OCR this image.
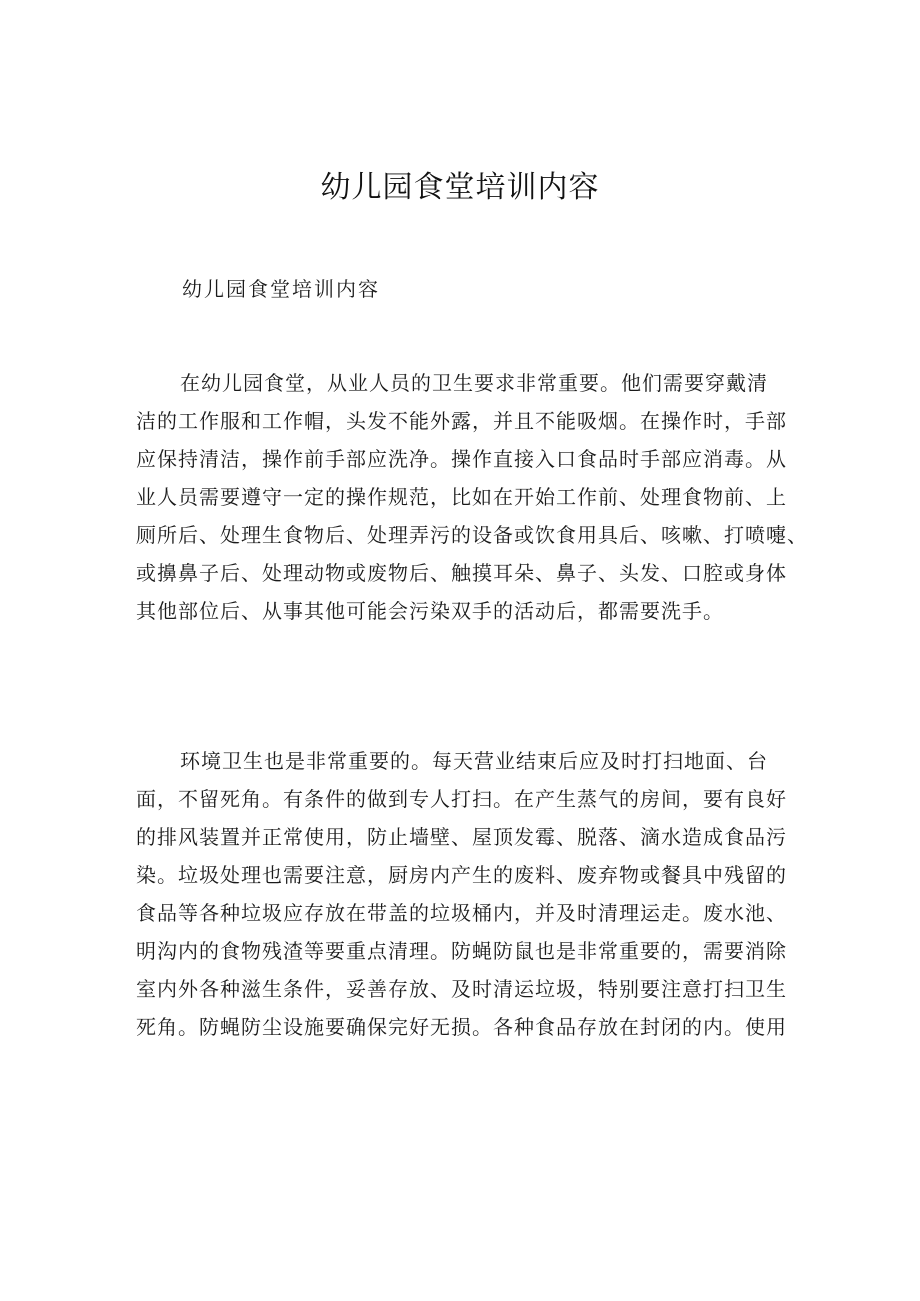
幼儿园食堂培训内容

幼儿园食堂培训内容

在幼儿园食堂，从业人员的卫生要求非常重要。他们需要穿戴清
洁的工作服和工作帽，头发不能外露，并且不能吸烟。在操作时，手部
应保持清洁，操作前手部应洗净。操作直接入口食品时手部应消毒。从
业人员需要遵守一定的操作规范，比如在开始工作前、处理食物前、上
厕所后、处理生食物后、处理弄污的设备或饮食用具后、咳嗽、打喷嚏、
或擤鼻子后、处理动物或废物后、触摸耳朵、鼻子、头发、口腔或身体
其他部位后、从事其他可能会污染双手的活动后，都需要洗手。

环境卫生也是非常重要的。每天营业结束后应及时打扫地面、台
面，不留死角。有条件的做到专人打扫。在产生蒸气的房间，要有良好
的排风装置并正常使用，防止墙壁、屋顶发霉、脱落、滴水造成食品污
染。垃圾处理也需要注意，厨房内产生的废料、废弃物或餐具中残留的
食品等各种垃圾应存放在带盖的垃圾桶内，并及时清理运走。废水池、
明沟内的食物残渣等要重点清理。防蝇防鼠也是非常重要的，需要消除
室内外各种滋生条件，妥善存放、及时清运垃圾，特别要注意打扫卫生
死角。防蝇防尘设施要确保完好无损。各种食品存放在封闭的内。使用
